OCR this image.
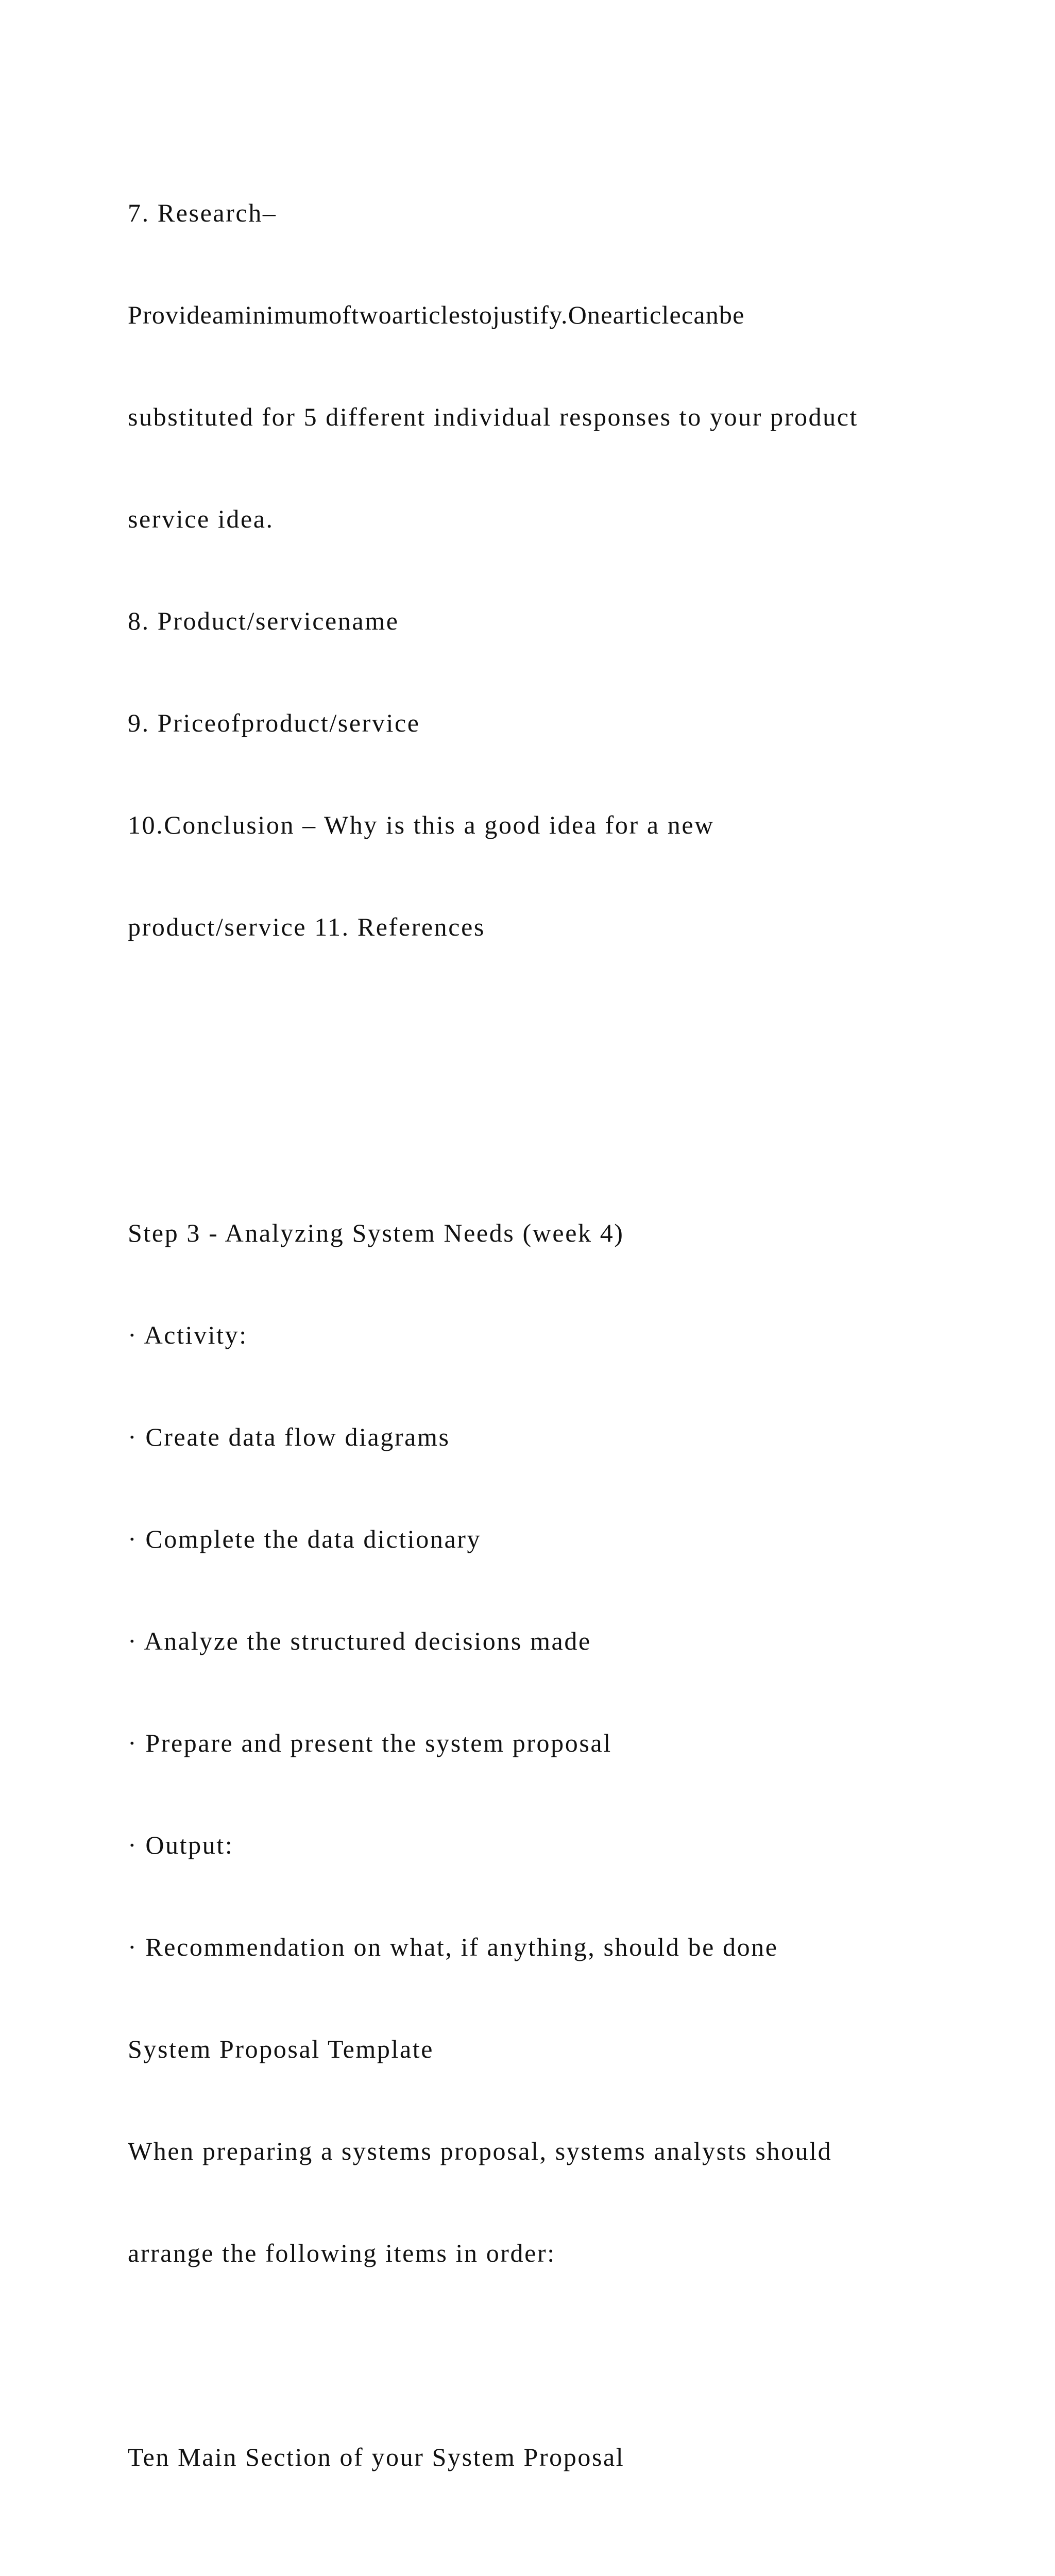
7. Research–

Provideaminimumoftwoarticlestojustify.Onearticlecanbe

substituted for 5 different individual responses to your product

service idea.

8. Product/servicename

9. Priceofproduct/service

10.Conclusion – Why is this a good idea for a new

product/service 11. References

Step 3 - Analyzing System Needs (week 4)

· Activity:

· Create data flow diagrams

· Complete the data dictionary

· Analyze the structured decisions made

· Prepare and present the system proposal

· Output:

· Recommendation on what, if anything, should be done

System Proposal Template

When preparing a systems proposal, systems analysts should

arrange the following items in order:

Ten Main Section of your System Proposal
